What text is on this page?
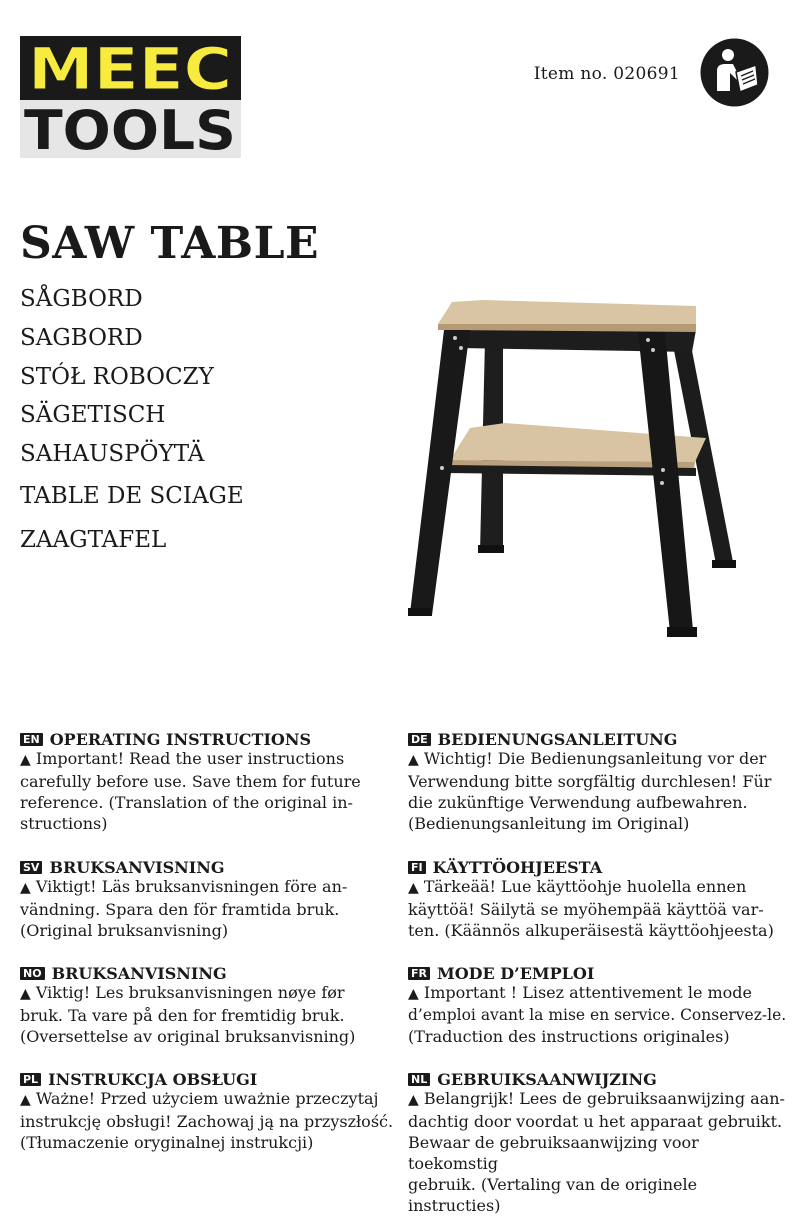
MEEC
TOOLS
Item no. 020691
SAW TABLE
SÅGBORD
SAGBORD
STÓŁ ROBOCZY
SÄGETISCH
SAHAUSPÖYTÄ
TABLE DE SCIAGE
ZAAGTAFEL
EN OPERATING INSTRUCTIONS
▲ Important! Read the user instructions
carefully before use. Save them for future
reference. (Translation of the original in-
structions)
DE BEDIENUNGSANLEITUNG
▲ Wichtig! Die Bedienungsanleitung vor der
Verwendung bitte sorgfältig durchlesen! Für
die zukünftige Verwendung aufbewahren.
(Bedienungsanleitung im Original)
SV BRUKSANVISNING
▲ Viktigt! Läs bruksanvisningen före an-
vändning. Spara den för framtida bruk.
(Original bruksanvisning)
FI KÄYTTÖOHJEESTA
▲ Tärkeää! Lue käyttöohje huolella ennen
käyttöä! Säilytä se myöhempää käyttöä var-
ten. (Käännös alkuperäisestä käyttöohjeesta)
NO BRUKSANVISNING
▲ Viktig! Les bruksanvisningen nøye før
bruk. Ta vare på den for fremtidig bruk.
(Oversettelse av original bruksanvisning)
FR MODE D’EMPLOI
▲ Important ! Lisez attentivement le mode
d’emploi avant la mise en service. Conservez-le.
(Traduction des instructions originales)
PL INSTRUKCJA OBSŁUGI
▲ Ważne! Przed użyciem uważnie przeczytaj
instrukcję obsługi! Zachowaj ją na przyszłość.
(Tłumaczenie oryginalnej instrukcji)
NL GEBRUIKSAANWIJZING
▲ Belangrijk! Lees de gebruiksaanwijzing aan-
dachtig door voordat u het apparaat gebruikt.
Bewaar de gebruiksaanwijzing voor toekomstig
gebruik. (Vertaling van de originele instructies)
